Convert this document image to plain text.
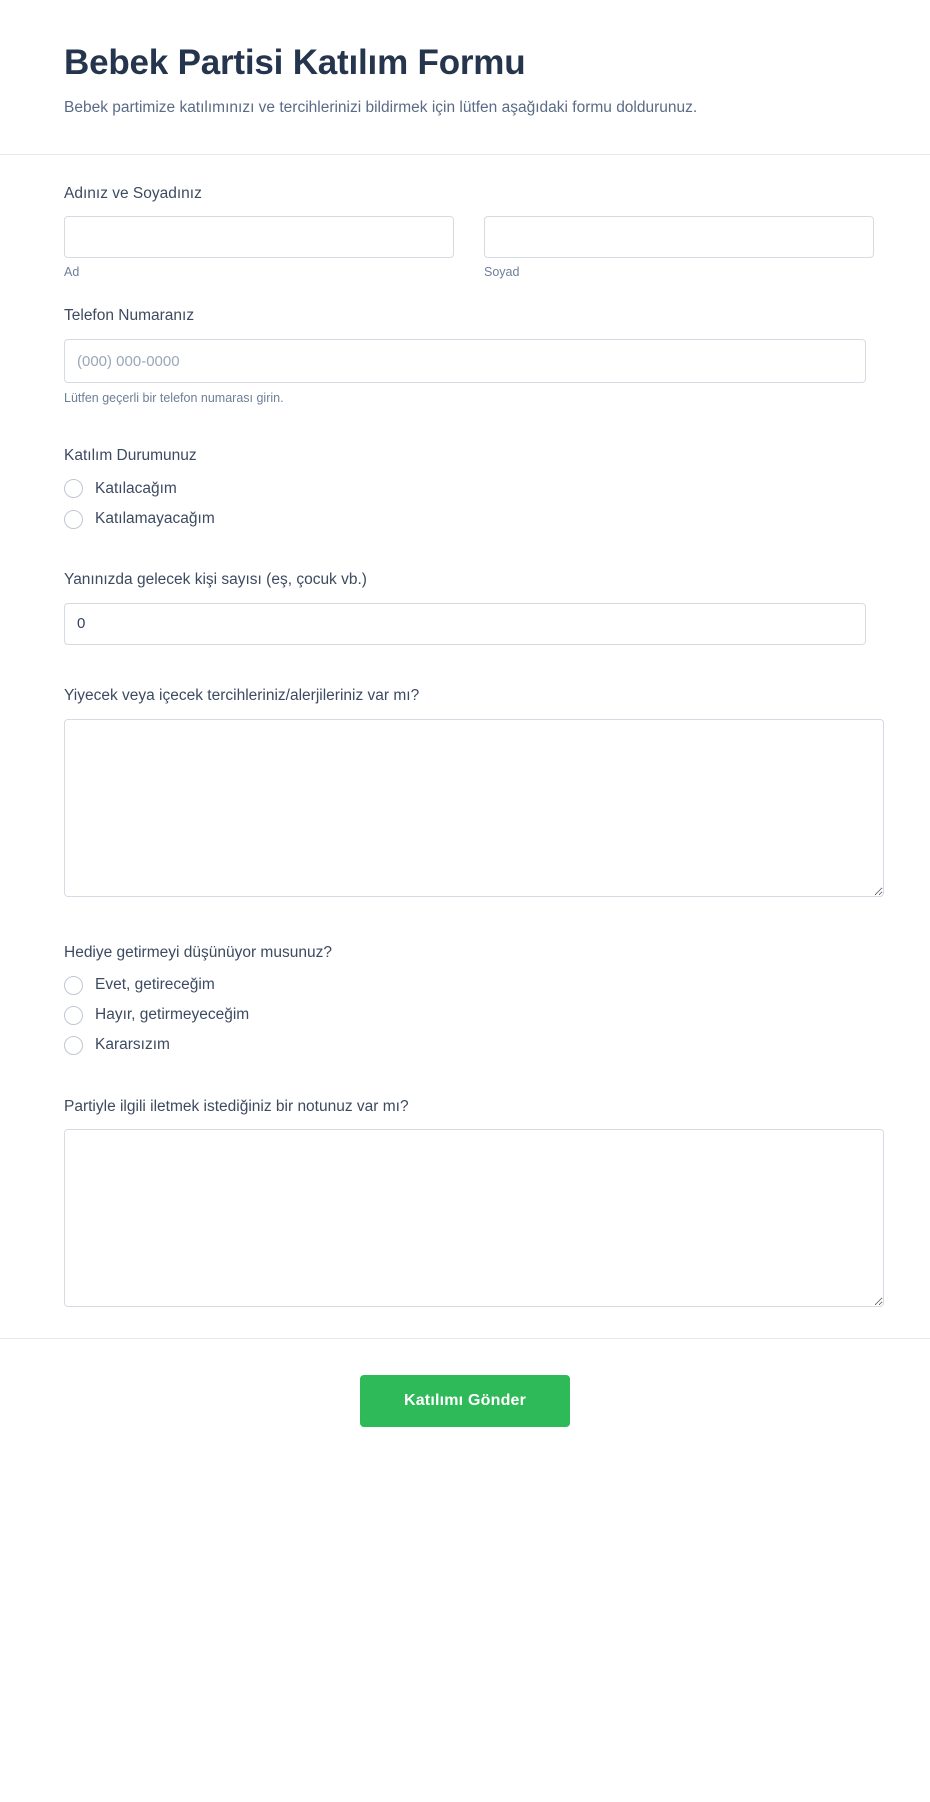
Bebek Partisi Katılım Formu

Bebek partimize katılımınızı ve tercihlerinizi bildirmek için lütfen aşağıdaki formu doldurunuz.

Adınız ve Soyadınız
Ad	Soyad
Telefon Numaranız
(000) 000-0000
Lütfen geçerli bir telefon numarası girin.
Katılım Durumunuz
Katılacağım
Katılamayacağım
Yanınızda gelecek kişi sayısı (eş, çocuk vb.)
0
Yiyecek veya içecek tercihleriniz/alerjileriniz var mı?
Hediye getirmeyi düşünüyor musunuz?
Evet, getireceğim
Hayır, getirmeyeceğim
Kararsızım
Partiyle ilgili iletmek istediğiniz bir notunuz var mı?
Katılımı Gönder
